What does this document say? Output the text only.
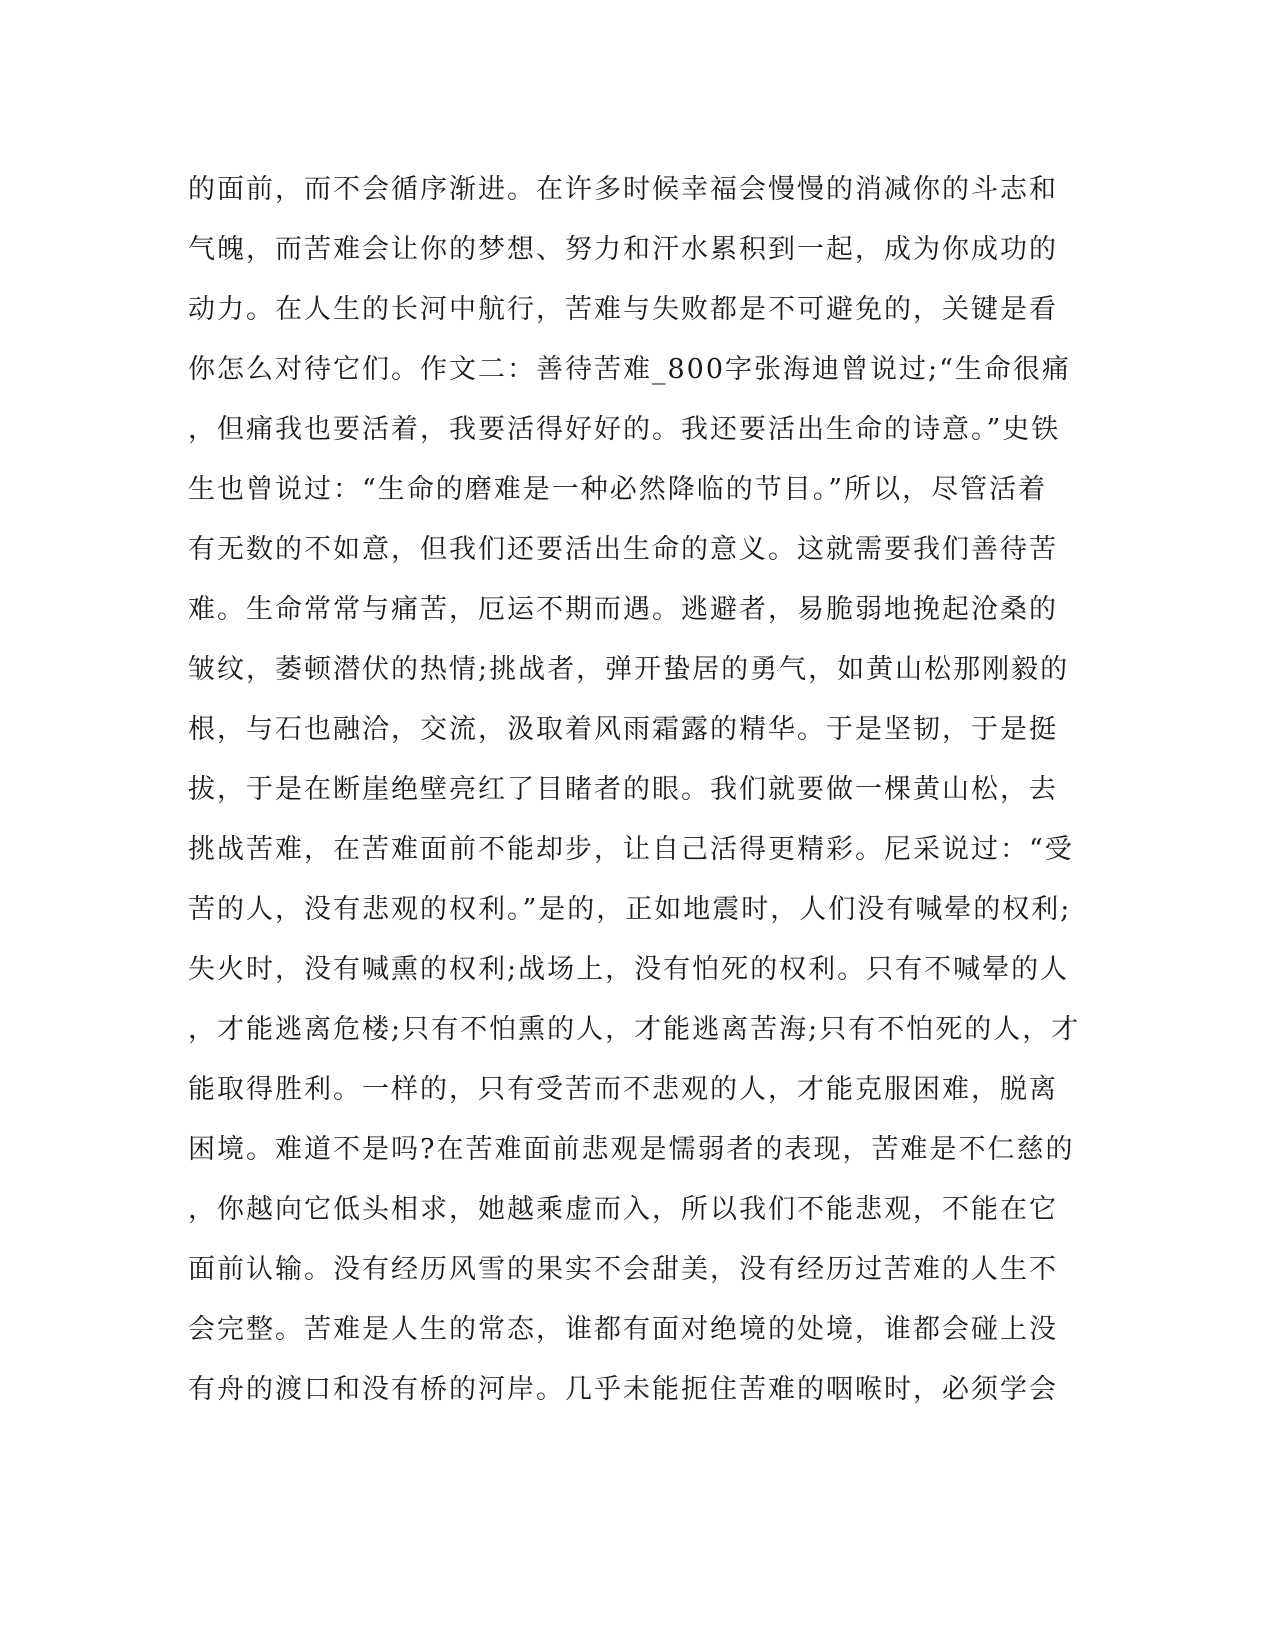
的面前，而不会循序渐进。在许多时候幸福会慢慢的消减你的斗志和
气魄，而苦难会让你的梦想、努力和汗水累积到一起，成为你成功的
动力。在人生的长河中航行，苦难与失败都是不可避免的，关键是看
你怎么对待它们。作文二：善待苦难_800字张海迪曾说过;“生命很痛
，但痛我也要活着，我要活得好好的。我还要活出生命的诗意。”史铁
生也曾说过：“生命的磨难是一种必然降临的节目。”所以，尽管活着
有无数的不如意，但我们还要活出生命的意义。这就需要我们善待苦
难。生命常常与痛苦，厄运不期而遇。逃避者，易脆弱地挽起沧桑的
皱纹，萎顿潜伏的热情;挑战者，弹开蛰居的勇气，如黄山松那刚毅的
根，与石也融洽，交流，汲取着风雨霜露的精华。于是坚韧，于是挺
拔，于是在断崖绝壁亮红了目睹者的眼。我们就要做一棵黄山松，去
挑战苦难，在苦难面前不能却步，让自己活得更精彩。尼采说过：“受
苦的人，没有悲观的权利。”是的，正如地震时，人们没有喊晕的权利;
失火时，没有喊熏的权利;战场上，没有怕死的权利。只有不喊晕的人
，才能逃离危楼;只有不怕熏的人，才能逃离苦海;只有不怕死的人，才
能取得胜利。一样的，只有受苦而不悲观的人，才能克服困难，脱离
困境。难道不是吗?在苦难面前悲观是懦弱者的表现，苦难是不仁慈的
，你越向它低头相求，她越乘虚而入，所以我们不能悲观，不能在它
面前认输。没有经历风雪的果实不会甜美，没有经历过苦难的人生不
会完整。苦难是人生的常态，谁都有面对绝境的处境，谁都会碰上没
有舟的渡口和没有桥的河岸。几乎未能扼住苦难的咽喉时，必须学会
